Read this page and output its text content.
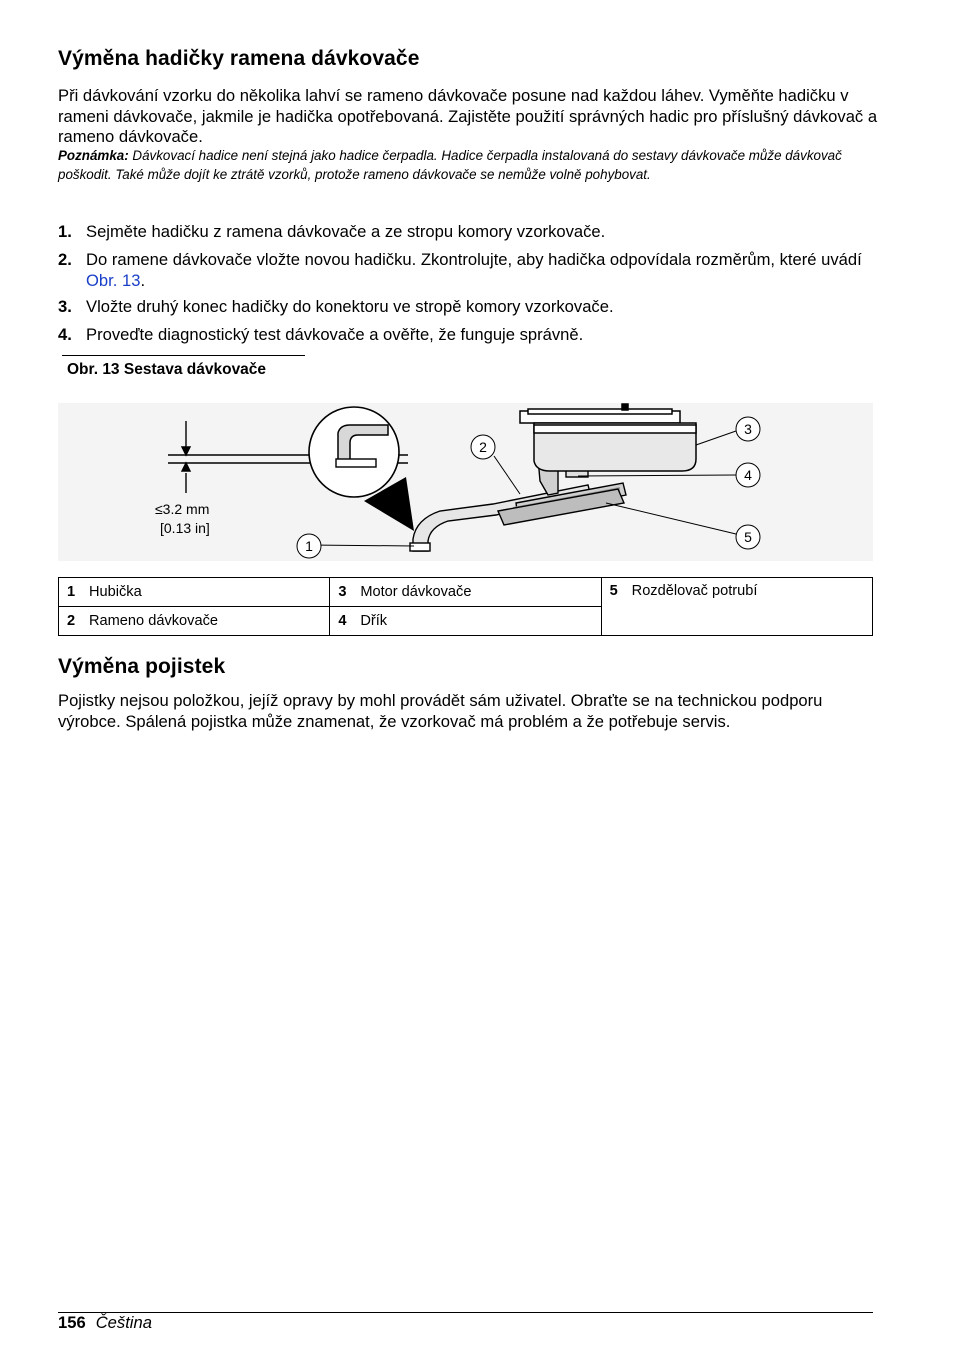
Výměna hadičky ramena dávkovače

Při dávkování vzorku do několika lahví se rameno dávkovače posune nad každou láhev. Vyměňte hadičku v rameni dávkovače, jakmile je hadička opotřebovaná. Zajistěte použití správných hadic pro příslušný dávkovač a rameno dávkovače.

Poznámka: Dávkovací hadice není stejná jako hadice čerpadla. Hadice čerpadla instalovaná do sestavy dávkovače může dávkovač poškodit. Také může dojít ke ztrátě vzorků, protože rameno dávkovače se nemůže volně pohybovat.

1. Sejměte hadičku z ramena dávkovače a ze stropu komory vzorkovače.
2. Do ramene dávkovače vložte novou hadičku. Zkontrolujte, aby hadička odpovídala rozměrům, které uvádí Obr. 13.
3. Vložte druhý konec hadičky do konektoru ve stropě komory vzorkovače.
4. Proveďte diagnostický test dávkovače a ověřte, že funguje správně.
Obr. 13 Sestava dávkovače
≤3.2 mm
[0.13 in]
1
2
3
4
5
1 Hubička	3 Motor dávkovače	5 Rozdělovač potrubí
2 Rameno dávkovače	4 Dřík	
Výměna pojistek

Pojistky nejsou položkou, jejíž opravy by mohl provádět sám uživatel. Obraťte se na technickou podporu výrobce. Spálená pojistka může znamenat, že vzorkovač má problém a že potřebuje servis.

156 Čeština
